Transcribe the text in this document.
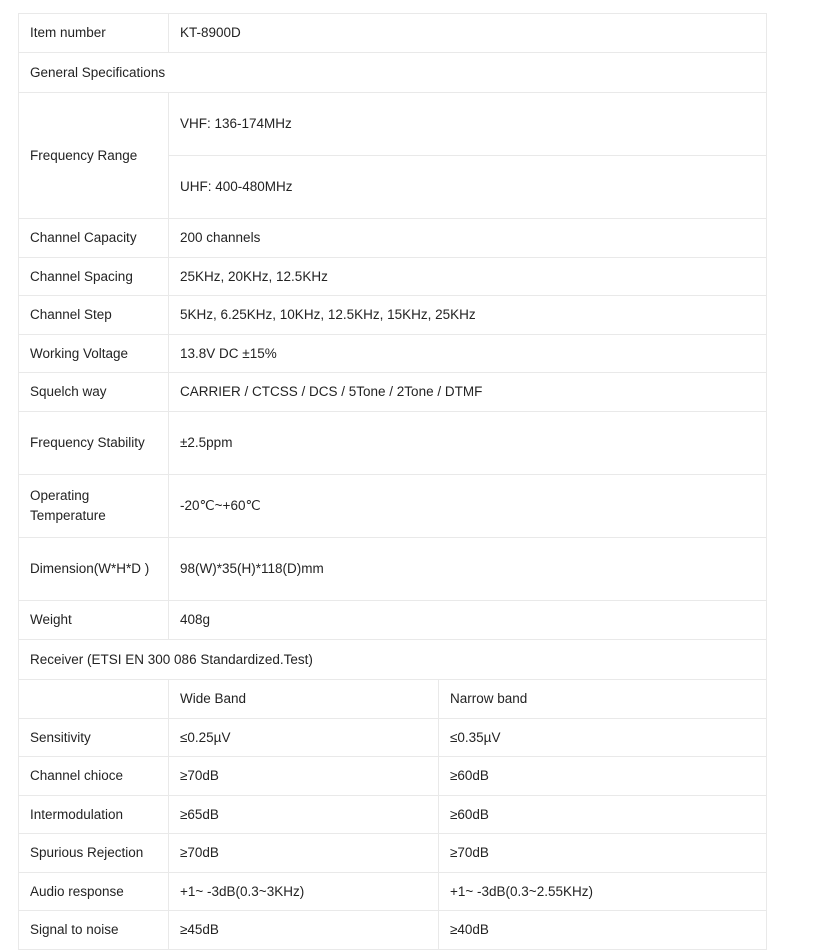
Item number	KT-8900D	
General Specifications		
Frequency Range	VHF: 136-174MHz	
	UHF: 400-480MHz	
Channel Capacity	200 channels	
Channel Spacing	25KHz, 20KHz, 12.5KHz	
Channel Step	5KHz, 6.25KHz, 10KHz, 12.5KHz, 15KHz, 25KHz	
Working Voltage	13.8V DC ±15%	
Squelch way	CARRIER / CTCSS / DCS / 5Tone / 2Tone / DTMF	
Frequency Stability	±2.5ppm	
Operating Temperature	-20℃~+60℃	
Dimension(W*H*D )	98(W)*35(H)*118(D)mm	
Weight	408g	
Receiver (ETSI EN 300 086 Standardized.Test)		
	Wide Band	Narrow band
Sensitivity	≤0.25µV	≤0.35µV
Channel chioce	≥70dB	≥60dB
Intermodulation	≥65dB	≥60dB
Spurious Rejection	≥70dB	≥70dB
Audio response	+1~ -3dB(0.3~3KHz)	+1~ -3dB(0.3~2.55KHz)
Signal to noise	≥45dB	≥40dB
